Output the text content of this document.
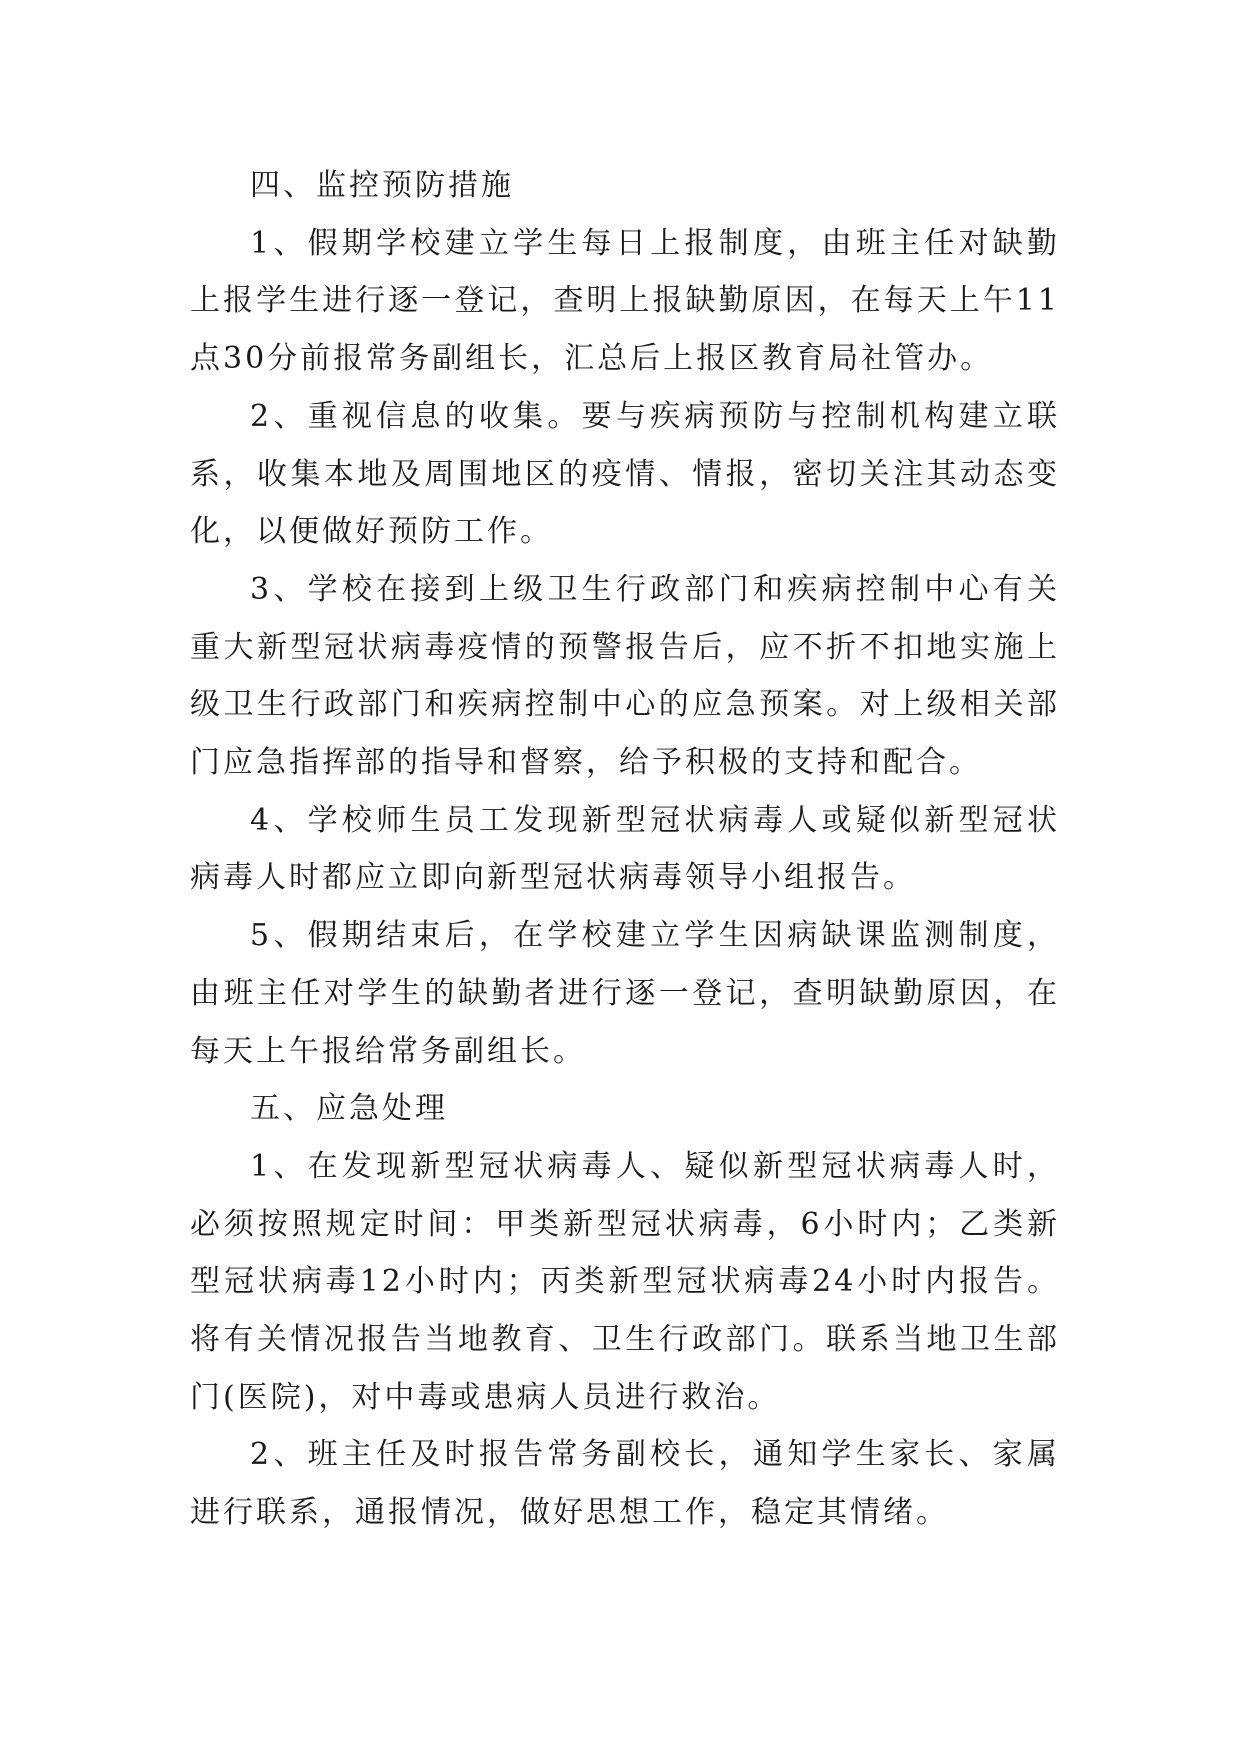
四、监控预防措施

1、假期学校建立学生每日上报制度，由班主任对缺勤上报学生进行逐一登记，查明上报缺勤原因，在每天上午11点30分前报常务副组长，汇总后上报区教育局社管办。

2、重视信息的收集。要与疾病预防与控制机构建立联系，收集本地及周围地区的疫情、情报，密切关注其动态变化，以便做好预防工作。

3、学校在接到上级卫生行政部门和疾病控制中心有关重大新型冠状病毒疫情的预警报告后，应不折不扣地实施上级卫生行政部门和疾病控制中心的应急预案。对上级相关部门应急指挥部的指导和督察，给予积极的支持和配合。

4、学校师生员工发现新型冠状病毒人或疑似新型冠状病毒人时都应立即向新型冠状病毒领导小组报告。

5、假期结束后，在学校建立学生因病缺课监测制度，由班主任对学生的缺勤者进行逐一登记，查明缺勤原因，在每天上午报给常务副组长。

五、应急处理

1、在发现新型冠状病毒人、疑似新型冠状病毒人时，必须按照规定时间：甲类新型冠状病毒，6小时内；乙类新型冠状病毒12小时内；丙类新型冠状病毒24小时内报告。将有关情况报告当地教育、卫生行政部门。联系当地卫生部门(医院)，对中毒或患病人员进行救治。

2、班主任及时报告常务副校长，通知学生家长、家属进行联系，通报情况，做好思想工作，稳定其情绪。
